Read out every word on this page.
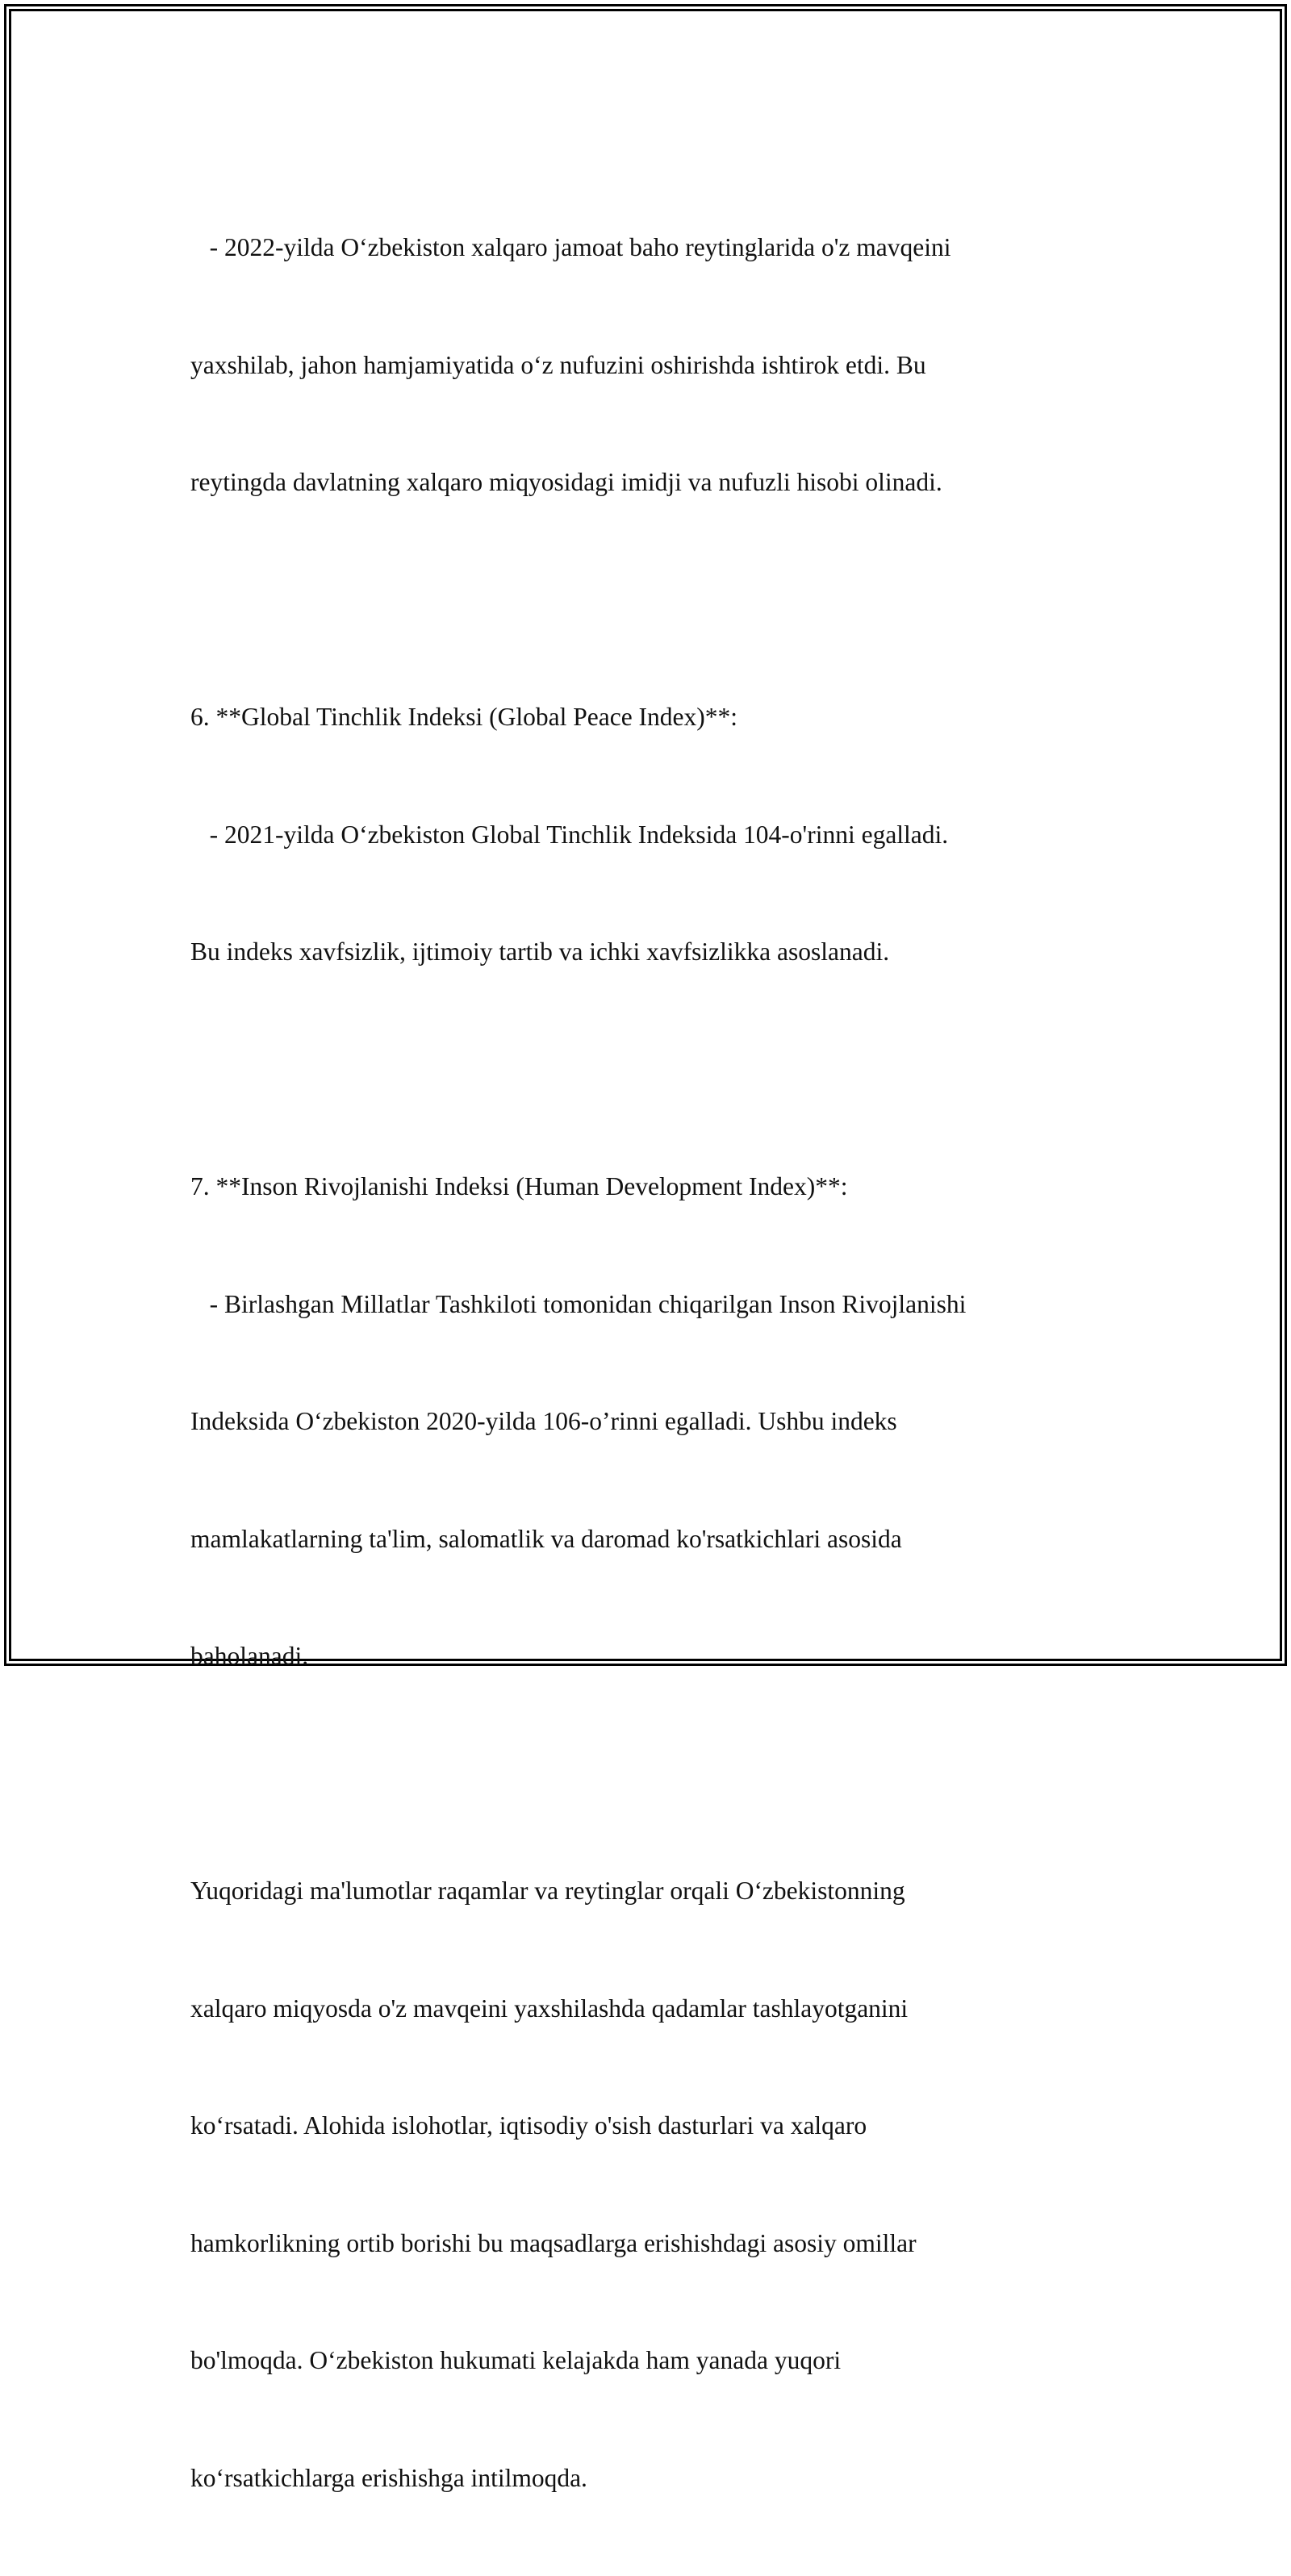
- 2022-yilda O‘zbekiston xalqaro jamoat baho reytinglarida o'z mavqeini

yaxshilab, jahon hamjamiyatida o‘z nufuzini oshirishda ishtirok etdi. Bu

reytingda davlatning xalqaro miqyosidagi imidji va nufuzli hisobi olinadi.

6. **Global Tinchlik Indeksi (Global Peace Index)**:

- 2021-yilda O‘zbekiston Global Tinchlik Indeksida 104-o'rinni egalladi.

Bu indeks xavfsizlik, ijtimoiy tartib va ichki xavfsizlikka asoslanadi.

7. **Inson Rivojlanishi Indeksi (Human Development Index)**:

- Birlashgan Millatlar Tashkiloti tomonidan chiqarilgan Inson Rivojlanishi

Indeksida O‘zbekiston 2020-yilda 106-o’rinni egalladi. Ushbu indeks

mamlakatlarning ta'lim, salomatlik va daromad ko'rsatkichlari asosida

baholanadi.

Yuqoridagi ma'lumotlar raqamlar va reytinglar orqali O‘zbekistonning

xalqaro miqyosda o'z mavqeini yaxshilashda qadamlar tashlayotganini

ko‘rsatadi. Alohida islohotlar, iqtisodiy o'sish dasturlari va xalqaro

hamkorlikning ortib borishi bu maqsadlarga erishishdagi asosiy omillar

bo'lmoqda. O‘zbekiston hukumati kelajakda ham yanada yuqori

ko‘rsatkichlarga erishishga intilmoqda.
